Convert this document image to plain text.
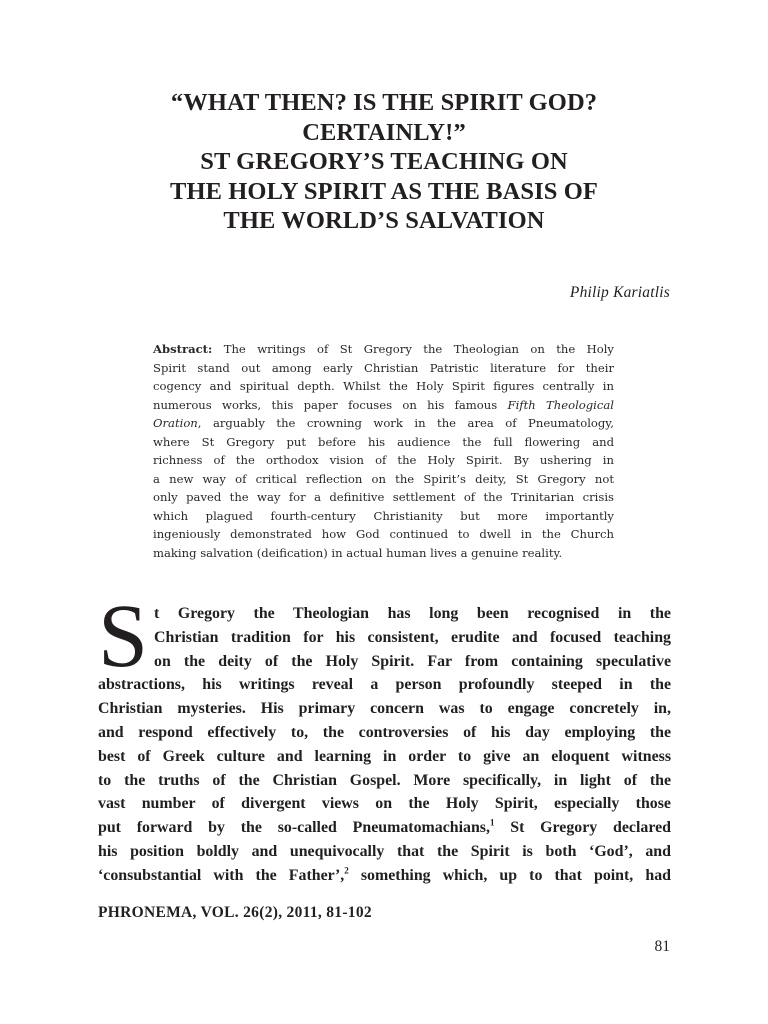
“WHAT THEN? IS THE SPIRIT GOD?
CERTAINLY!”
ST GREGORY’S TEACHING ON
THE HOLY SPIRIT AS THE BASIS OF
THE WORLD’S SALVATION
Philip Kariatlis
Abstract: The writings of St Gregory the Theologian on the Holy
Spirit stand out among early Christian Patristic literature for their
cogency and spiritual depth. Whilst the Holy Spirit figures centrally in
numerous works, this paper focuses on his famous Fifth Theological
Oration, arguably the crowning work in the area of Pneumatology,
where St Gregory put before his audience the full flowering and
richness of the orthodox vision of the Holy Spirit. By ushering in
a new way of critical reflection on the Spirit’s deity, St Gregory not
only paved the way for a definitive settlement of the Trinitarian crisis
which plagued fourth-century Christianity but more importantly
ingeniously demonstrated how God continued to dwell in the Church
making salvation (deification) in actual human lives a genuine reality.
S t Gregory the Theologian has long been recognised in the
Christian tradition for his consistent, erudite and focused teaching
on the deity of the Holy Spirit. Far from containing speculative
abstractions, his writings reveal a person profoundly steeped in the
Christian mysteries. His primary concern was to engage concretely in,
and respond effectively to, the controversies of his day employing the
best of Greek culture and learning in order to give an eloquent witness
to the truths of the Christian Gospel. More specifically, in light of the
vast number of divergent views on the Holy Spirit, especially those
put forward by the so-called Pneumatomachians,$^1$ St Gregory declared
his position boldly and unequivocally that the Spirit is both ‘God’, and
‘consubstantial with the Father’,$^2$ something which, up to that point, had
PHRONEMA, VOL. 26(2), 2011, 81-102
81
